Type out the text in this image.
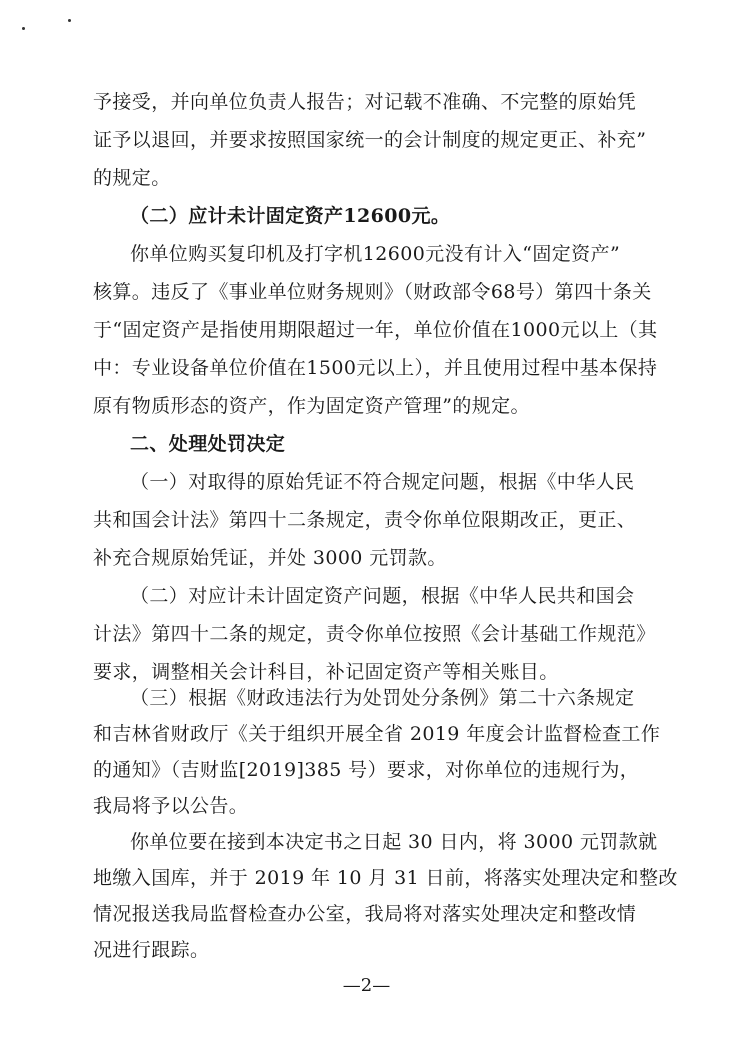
予接受，并向单位负责人报告；对记载不准确、不完整的原始凭
证予以退回，并要求按照国家统一的会计制度的规定更正、补充”
的规定。
（二）应计未计固定资产12600元。
你单位购买复印机及打字机12600元没有计入“固定资产”
核算。违反了《事业单位财务规则》（财政部令68号）第四十条关
于“固定资产是指使用期限超过一年，单位价值在1000元以上（其
中：专业设备单位价值在1500元以上），并且使用过程中基本保持
原有物质形态的资产，作为固定资产管理”的规定。
二、处理处罚决定
（一）对取得的原始凭证不符合规定问题，根据《中华人民
共和国会计法》第四十二条规定，责令你单位限期改正，更正、
补充合规原始凭证，并处 3000 元罚款。
（二）对应计未计固定资产问题，根据《中华人民共和国会
计法》第四十二条的规定，责令你单位按照《会计基础工作规范》
要求，调整相关会计科目，补记固定资产等相关账目。
（三）根据《财政违法行为处罚处分条例》第二十六条规定
和吉林省财政厅《关于组织开展全省 2019 年度会计监督检查工作
的通知》（吉财监[2019]385 号）要求，对你单位的违规行为，
我局将予以公告。
你单位要在接到本决定书之日起 30 日内，将 3000 元罚款就
地缴入国库，并于 2019 年 10 月 31 日前，将落实处理决定和整改
情况报送我局监督检查办公室，我局将对落实处理决定和整改情
况进行跟踪。
—2—
